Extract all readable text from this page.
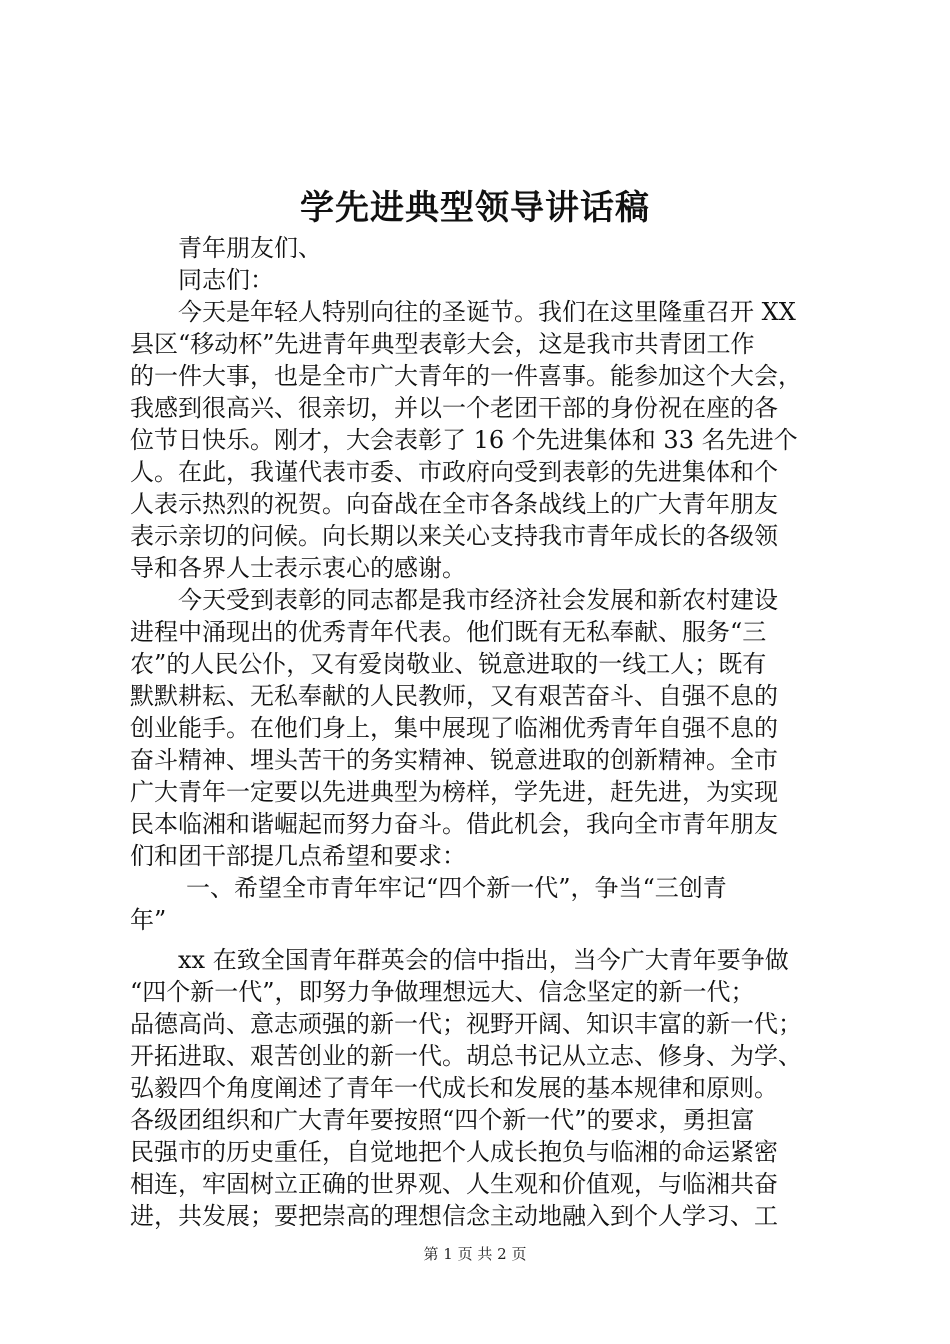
学先进典型领导讲话稿
青年朋友们、
同志们：
今天是年轻人特别向往的圣诞节。我们在这里隆重召开 XX
县区“移动杯”先进青年典型表彰大会，这是我市共青团工作
的一件大事，也是全市广大青年的一件喜事。能参加这个大会，
我感到很高兴、很亲切，并以一个老团干部的身份祝在座的各
位节日快乐。刚才，大会表彰了 16 个先进集体和 33 名先进个
人。在此，我谨代表市委、市政府向受到表彰的先进集体和个
人表示热烈的祝贺。向奋战在全市各条战线上的广大青年朋友
表示亲切的问候。向长期以来关心支持我市青年成长的各级领
导和各界人士表示衷心的感谢。
今天受到表彰的同志都是我市经济社会发展和新农村建设
进程中涌现出的优秀青年代表。他们既有无私奉献、服务“三
农”的人民公仆，又有爱岗敬业、锐意进取的一线工人；既有
默默耕耘、无私奉献的人民教师，又有艰苦奋斗、自强不息的
创业能手。在他们身上，集中展现了临湘优秀青年自强不息的
奋斗精神、埋头苦干的务实精神、锐意进取的创新精神。全市
广大青年一定要以先进典型为榜样，学先进，赶先进，为实现
民本临湘和谐崛起而努力奋斗。借此机会，我向全市青年朋友
们和团干部提几点希望和要求：
一、希望全市青年牢记“四个新一代”，争当“三创青
年”
xx 在致全国青年群英会的信中指出，当今广大青年要争做
“四个新一代”，即努力争做理想远大、信念坚定的新一代；
品德高尚、意志顽强的新一代；视野开阔、知识丰富的新一代；
开拓进取、艰苦创业的新一代。胡总书记从立志、修身、为学、
弘毅四个角度阐述了青年一代成长和发展的基本规律和原则。
各级团组织和广大青年要按照“四个新一代”的要求，勇担富
民强市的历史重任，自觉地把个人成长抱负与临湘的命运紧密
相连，牢固树立正确的世界观、人生观和价值观，与临湘共奋
进，共发展；要把崇高的理想信念主动地融入到个人学习、工
第 1 页 共 2 页
